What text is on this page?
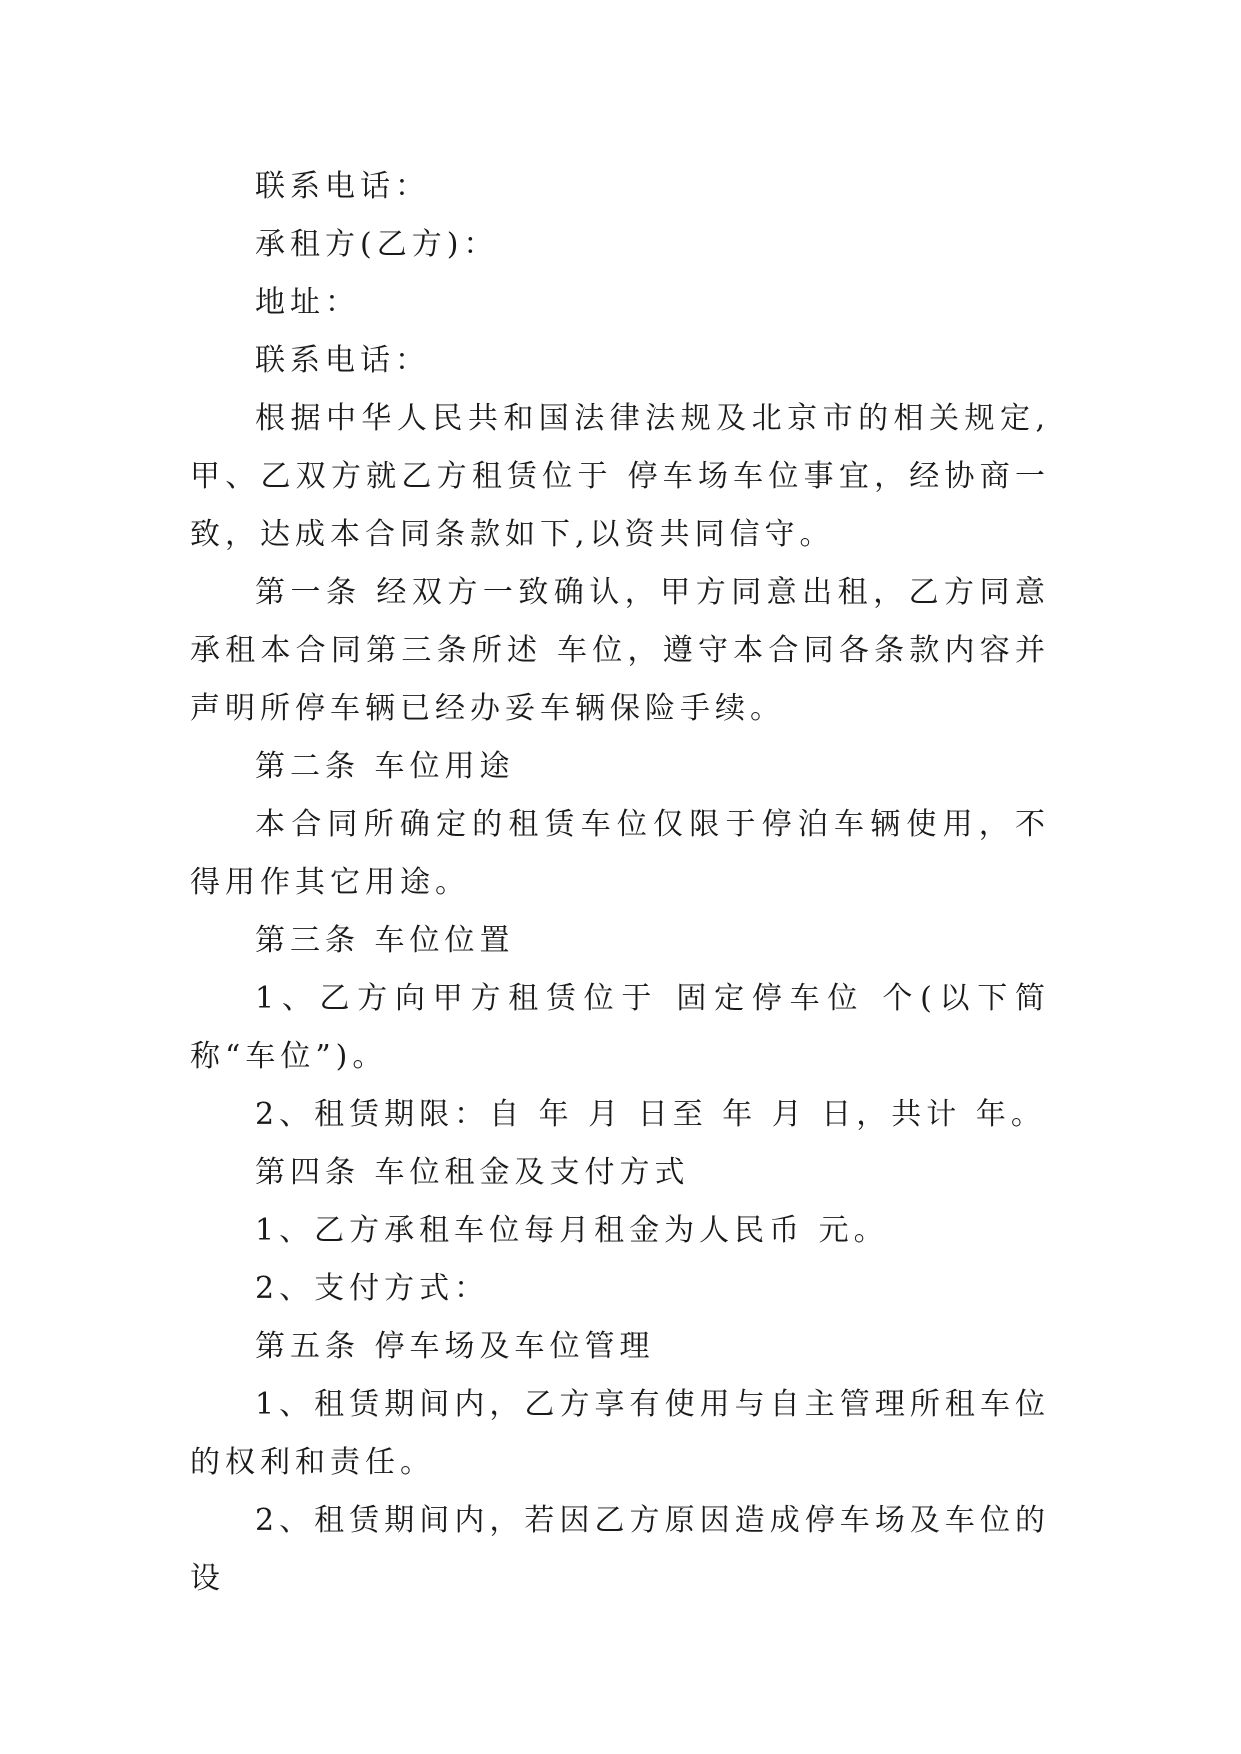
联系电话：

承租方(乙方)：

地址：

联系电话：

根据中华人民共和国法律法规及北京市的相关规定,甲、乙双方就乙方租赁位于 停车场车位事宜，经协商一致，达成本合同条款如下,以资共同信守。

第一条 经双方一致确认，甲方同意出租，乙方同意承租本合同第三条所述 车位，遵守本合同各条款内容并声明所停车辆已经办妥车辆保险手续。

第二条 车位用途

本合同所确定的租赁车位仅限于停泊车辆使用，不得用作其它用途。

第三条 车位位置

1、乙方向甲方租赁位于 固定停车位 个(以下简称“车位”)。

2、租赁期限：自 年 月 日至 年 月 日，共计 年。

第四条 车位租金及支付方式

1、乙方承租车位每月租金为人民币 元。

2、支付方式：

第五条 停车场及车位管理

1、租赁期间内，乙方享有使用与自主管理所租车位的权利和责任。

2、租赁期间内，若因乙方原因造成停车场及车位的设
